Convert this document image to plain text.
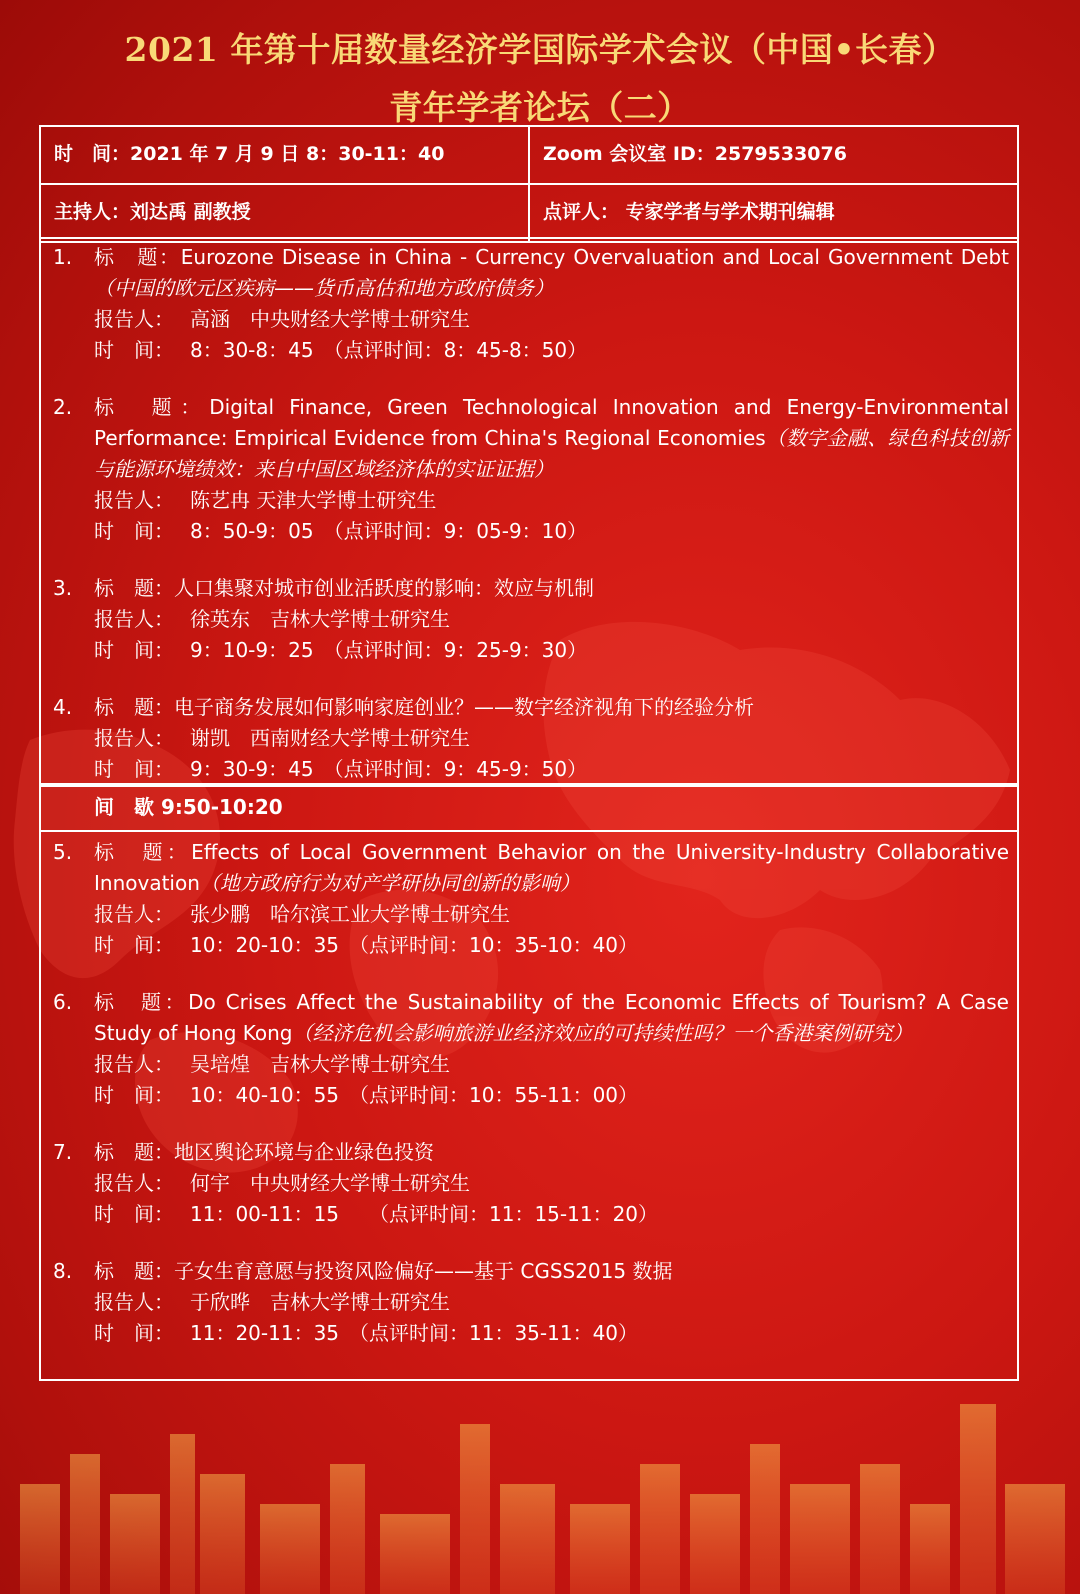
2021 年第十届数量经济学国际学术会议（中国•长春）
青年学者论坛（二）
时　间：2021 年 7 月 9 日 8：30-11：40	Zoom 会议室 ID：2579533076
主持人：刘达禹 副教授	点评人： 专家学者与学术期刊编辑
1. 标　题：Eurozone Disease in China - Currency Overvaluation and Local Government Debt（中国的欧元区疾病——货币高估和地方政府债务）
报告人： 高涵　中央财经大学博士研究生
时　间： 8：30-8：45　（点评时间：8：45-8：50）
2. 标　题：Digital Finance, Green Technological Innovation and Energy-Environmental Performance: Empirical Evidence from China's Regional Economies（数字金融、绿色科技创新与能源环境绩效：来自中国区域经济体的实证证据）
报告人： 陈艺冉 天津大学博士研究生
时　间： 8：50-9：05　（点评时间：9：05-9：10）
3. 标　题：人口集聚对城市创业活跃度的影响：效应与机制
报告人： 徐英东　吉林大学博士研究生
时　间： 9：10-9：25　（点评时间：9：25-9：30）
4. 标　题：电子商务发展如何影响家庭创业？——数字经济视角下的经验分析
报告人： 谢凯　西南财经大学博士研究生
时　间： 9：30-9：45　（点评时间：9：45-9：50）
间　歇 9:50-10:20
5. 标　题：Effects of Local Government Behavior on the University-Industry Collaborative Innovation（地方政府行为对产学研协同创新的影响）
报告人： 张少鹏　哈尔滨工业大学博士研究生
时　间： 10：20-10：35　（点评时间：10：35-10：40）
6. 标　题：Do Crises Affect the Sustainability of the Economic Effects of Tourism? A Case Study of Hong Kong（经济危机会影响旅游业经济效应的可持续性吗？一个香港案例研究）
报告人： 吴培煌　吉林大学博士研究生
时　间： 10：40-10：55　（点评时间：10：55-11：00）
7. 标　题：地区舆论环境与企业绿色投资
报告人： 何宇　中央财经大学博士研究生
时　间： 11：00-11：15　　（点评时间：11：15-11：20）
8. 标　题：子女生育意愿与投资风险偏好——基于 CGSS2015 数据
报告人： 于欣晔　吉林大学博士研究生
时　间： 11：20-11：35　（点评时间：11：35-11：40）
